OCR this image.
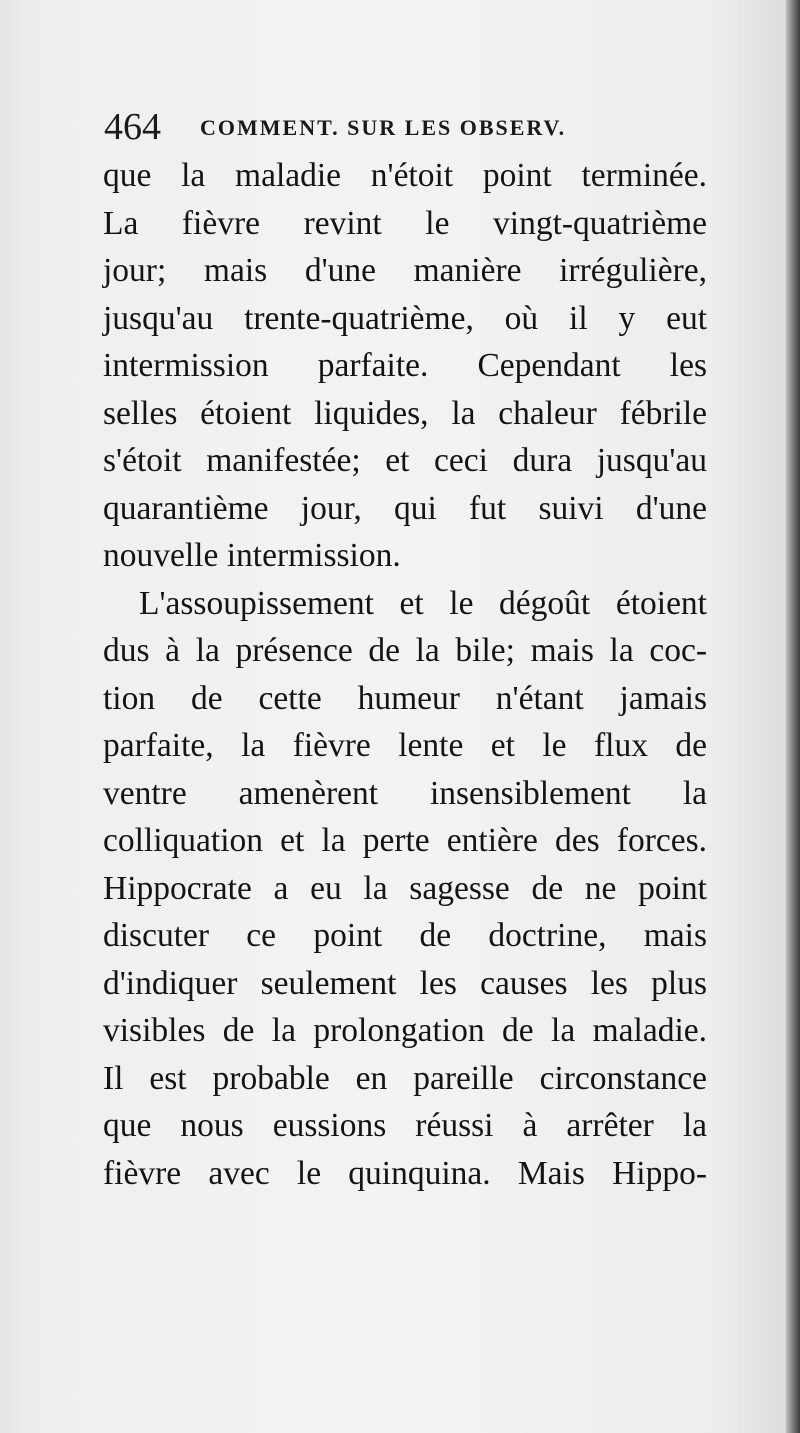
464 COMMENT. SUR LES OBSERV.
que la maladie n'étoit point terminée.
La fièvre revint le vingt-quatrième
jour; mais d'une manière irrégulière,
jusqu'au trente-quatrième, où il y eut
intermission parfaite. Cependant les
selles étoient liquides, la chaleur fébrile
s'étoit manifestée; et ceci dura jusqu'au
quarantième jour, qui fut suivi d'une
nouvelle intermission.
L'assoupissement et le dégoût étoient
dus à la présence de la bile; mais la coc-
tion de cette humeur n'étant jamais
parfaite, la fièvre lente et le flux de
ventre amenèrent insensiblement la
colliquation et la perte entière des forces.
Hippocrate a eu la sagesse de ne point
discuter ce point de doctrine, mais
d'indiquer seulement les causes les plus
visibles de la prolongation de la maladie.
Il est probable en pareille circonstance
que nous eussions réussi à arrêter la
fièvre avec le quinquina. Mais Hippo-
